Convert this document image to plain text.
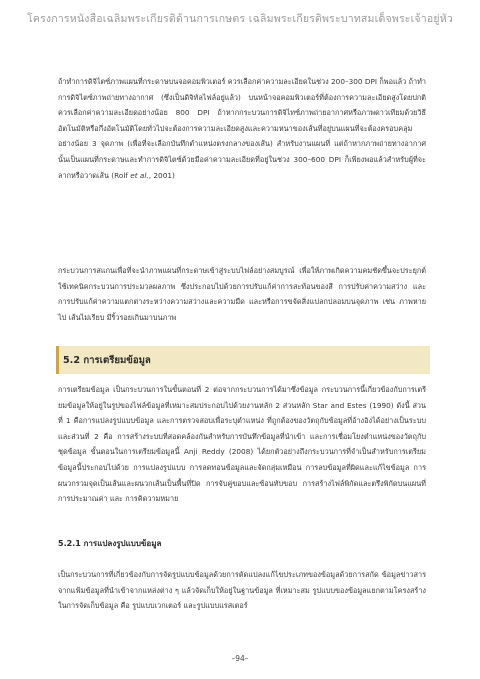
โครงการหนังสือเฉลิมพระเกียรติด้านการเกษตร เฉลิมพระเกียรติพระบาทสมเด็จพระเจ้าอยู่หัว

ถ้าทำการดิจิไตซ์ภาพแผนที่กระดาษบนจอคอมพิวเตอร์ ควรเลือกค่าความละเอียดในช่วง 200–300 DPI ก็พอแล้ว ถ้าทำการดิจิไตซ์ภาพถ่ายทางอากาศ (ซึ่งเป็นดิจิทัลไฟล์อยู่แล้ว) บนหน้าจอคอมพิวเตอร์ที่ต้องการความละเอียดสูงโดยปกติควรเลือกค่าความละเอียดอย่างน้อย 800 DPI ถ้าหากกระบวนการดิจิไทซ์ภาพถ่ายอากาศหรือภาพดาวเทียมด้วยวิธีอัตโนมัติหรือกึ่งอัตโนมัติโดยทั่วไปจะต้องการความละเอียดสูงและความหนาของเส้นที่อยู่บนแผนที่จะต้องครอบคลุมอย่างน้อย 3 จุดภาพ (เพื่อที่จะเลือกบันทึกตำแหน่งตรงกลางของเส้น) สำหรับงานแผนที่ แต่ถ้าหากภาพถ่ายทางอากาศนั้นเป็นแผนที่กระดาษและทำการดิจิไตซ์ด้วยมือค่าความละเอียดที่อยู่ในช่วง 300–600 DPI ก็เพียงพอแล้วสำหรับผู้ที่จะลากหรือวาดเส้น (Rolf et al., 2001)

กระบวนการสแกนเพื่อที่จะนำภาพแผนที่กระดาษเข้าสู่ระบบไฟล์อย่างสมบูรณ์ เพื่อให้ภาพเกิดความคมชัดขึ้นจะประยุกต์ใช้เทคนิคกระบวนการประมวลผลภาพ ซึ่งประกอบไปด้วยการปรับแก้ค่าการสะท้อนของสี การปรับค่าความสว่าง และการปรับแก้ค่าความแตกต่างระหว่างความสว่างและความมืด และหรือการขจัดสิ่งแปลกปลอมบนจุดภาพ เช่น ภาพหายไป เส้นไม่เรียบ มีริ้วรอยเกินมาบนภาพ

5.2 การเตรียมข้อมูล

การเตรียมข้อมูล เป็นกระบวนการในขั้นตอนที่ 2 ต่อจากกระบวนการได้มาซึ่งข้อมูล กระบวนการนี้เกี่ยวข้องกับการเตรียมข้อมูลให้อยู่ในรูปของไฟล์ข้อมูลที่เหมาะสมประกอบไปด้วยงานหลัก 2 ส่วนหลัก Star and Estes (1990) ดังนี้ ส่วนที่ 1 คือการแปลงรูปแบบข้อมูล และการตรวจสอบเพื่อระบุตำแหน่ง ที่ถูกต้องของวัตถุกับข้อมูลที่อ้างอิงได้อย่างเป็นระบบ และส่วนที่ 2 คือ การสร้างระบบที่สอดคล้องกันสำหรับการบันทึกข้อมูลที่นำเข้า และการเชื่อมโยงตำแหน่งของวัตถุกับชุดข้อมูล ขั้นตอนในการเตรียมข้อมูลนี้ Anji Reddy (2008) ได้ยกตัวอย่างถึงกระบวนการที่จำเป็นสำหรับการเตรียมข้อมูลนี้ประกอบไปด้วย การแปลงรูปแบบ การลดทอนข้อมูลและจัดกลุ่มเหมือน การลบข้อมูลที่ผิดและแก้ไขข้อมูล การผนวกรวมจุดเป็นเส้นและผนวกเส้นเป็นพื้นที่ปิด การจับคู่ขอบและซ้อนทับขอบ การสร้างไฟล์พิกัดและตรึงพิกัดบนแผนที่ การประมาณค่า และ การคิดวามหมาย

5.2.1 การแปลงรูปแบบข้อมูล

เป็นกระบวนการที่เกี่ยวข้องกับการจัดรูปแบบข้อมูลด้วยการตัดแปลงแก้ไขประเภทของข้อมูลด้วยการสกัด ข้อมูลข่าวสารจากแฟ้มข้อมูลที่นำเข้าจากแหล่งต่าง ๆ แล้วจัดเก็บให้อยู่ในฐานข้อมูล ที่เหมาะสม รูปแบบของข้อมูลแยกตามโครงสร้างในการจัดเก็บข้อมูล คือ รูปแบบเวกเตอร์ และรูปแบบแรสเตอร์

–94–
